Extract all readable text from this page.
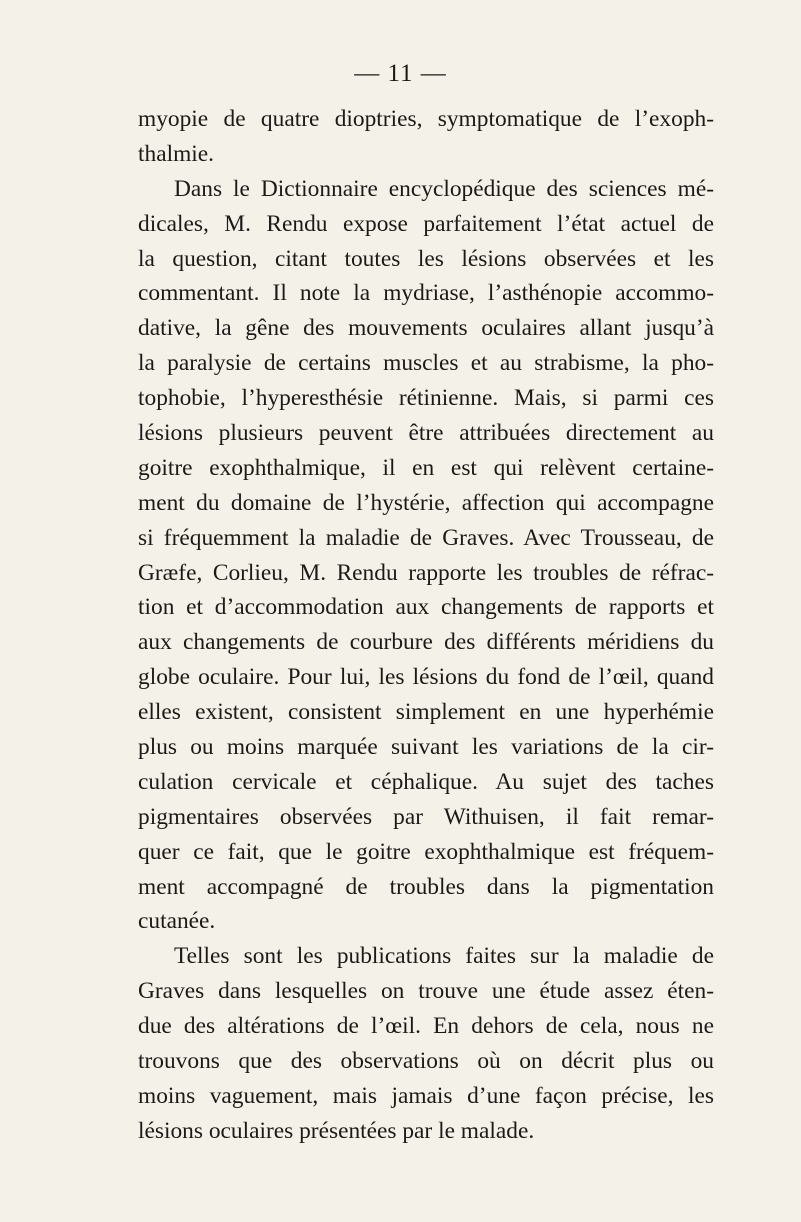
— 11 —
myopie de quatre dioptries, symptomatique de l’exoph-
thalmie.
Dans le Dictionnaire encyclopédique des sciences mé-
dicales, M. Rendu expose parfaitement l’état actuel de
la question, citant toutes les lésions observées et les
commentant. Il note la mydriase, l’asthénopie accommo-
dative, la gêne des mouvements oculaires allant jusqu’à
la paralysie de certains muscles et au strabisme, la pho-
tophobie, l’hyperesthésie rétinienne. Mais, si parmi ces
lésions plusieurs peuvent être attribuées directement au
goitre exophthalmique, il en est qui relèvent certaine-
ment du domaine de l’hystérie, affection qui accompagne
si fréquemment la maladie de Graves. Avec Trousseau, de
Græfe, Corlieu, M. Rendu rapporte les troubles de réfrac-
tion et d’accommodation aux changements de rapports et
aux changements de courbure des différents méridiens du
globe oculaire. Pour lui, les lésions du fond de l’œil, quand
elles existent, consistent simplement en une hyperhémie
plus ou moins marquée suivant les variations de la cir-
culation cervicale et céphalique. Au sujet des taches
pigmentaires observées par Withuisen, il fait remar-
quer ce fait, que le goitre exophthalmique est fréquem-
ment accompagné de troubles dans la pigmentation
cutanée.
Telles sont les publications faites sur la maladie de
Graves dans lesquelles on trouve une étude assez éten-
due des altérations de l’œil. En dehors de cela, nous ne
trouvons que des observations où on décrit plus ou
moins vaguement, mais jamais d’une façon précise, les
lésions oculaires présentées par le malade.
